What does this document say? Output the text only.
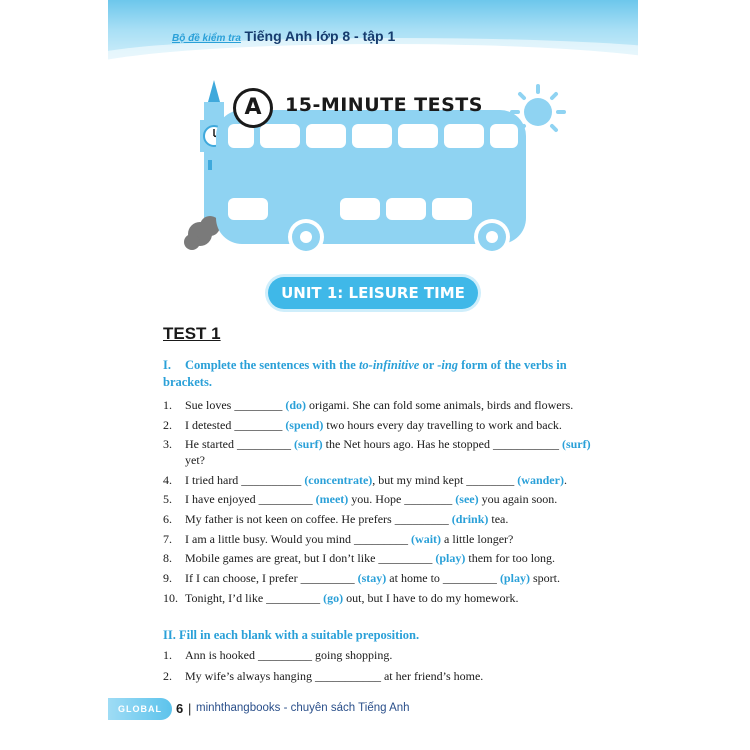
Bộ đề kiểm tra Tiếng Anh lớp 8 - tập 1
A	15-MINUTE TESTS
UNIT 1: LEISURE TIME
TEST 1
I. Complete the sentences with the to-infinitive or -ing form of the verbs in brackets.
1. Sue loves ________ (do) origami. She can fold some animals, birds and flowers.
2. I detested ________ (spend) two hours every day travelling to work and back.
3. He started _________ (surf) the Net hours ago. Has he stopped ___________ (surf) yet?
4. I tried hard __________ (concentrate), but my mind kept ________ (wander).
5. I have enjoyed _________ (meet) you. Hope ________ (see) you again soon.
6. My father is not keen on coffee. He prefers _________ (drink) tea.
7. I am a little busy. Would you mind _________ (wait) a little longer?
8. Mobile games are great, but I don’t like _________ (play) them for too long.
9. If I can choose, I prefer _________ (stay) at home to _________ (play) sport.
10. Tonight, I’d like _________ (go) out, but I have to do my homework.
II. Fill in each blank with a suitable preposition.
1. Ann is hooked _________ going shopping.
2. My wife’s always hanging ___________ at her friend’s home.
GLOBAL	6 | minhthangbooks - chuyên sách Tiếng Anh
